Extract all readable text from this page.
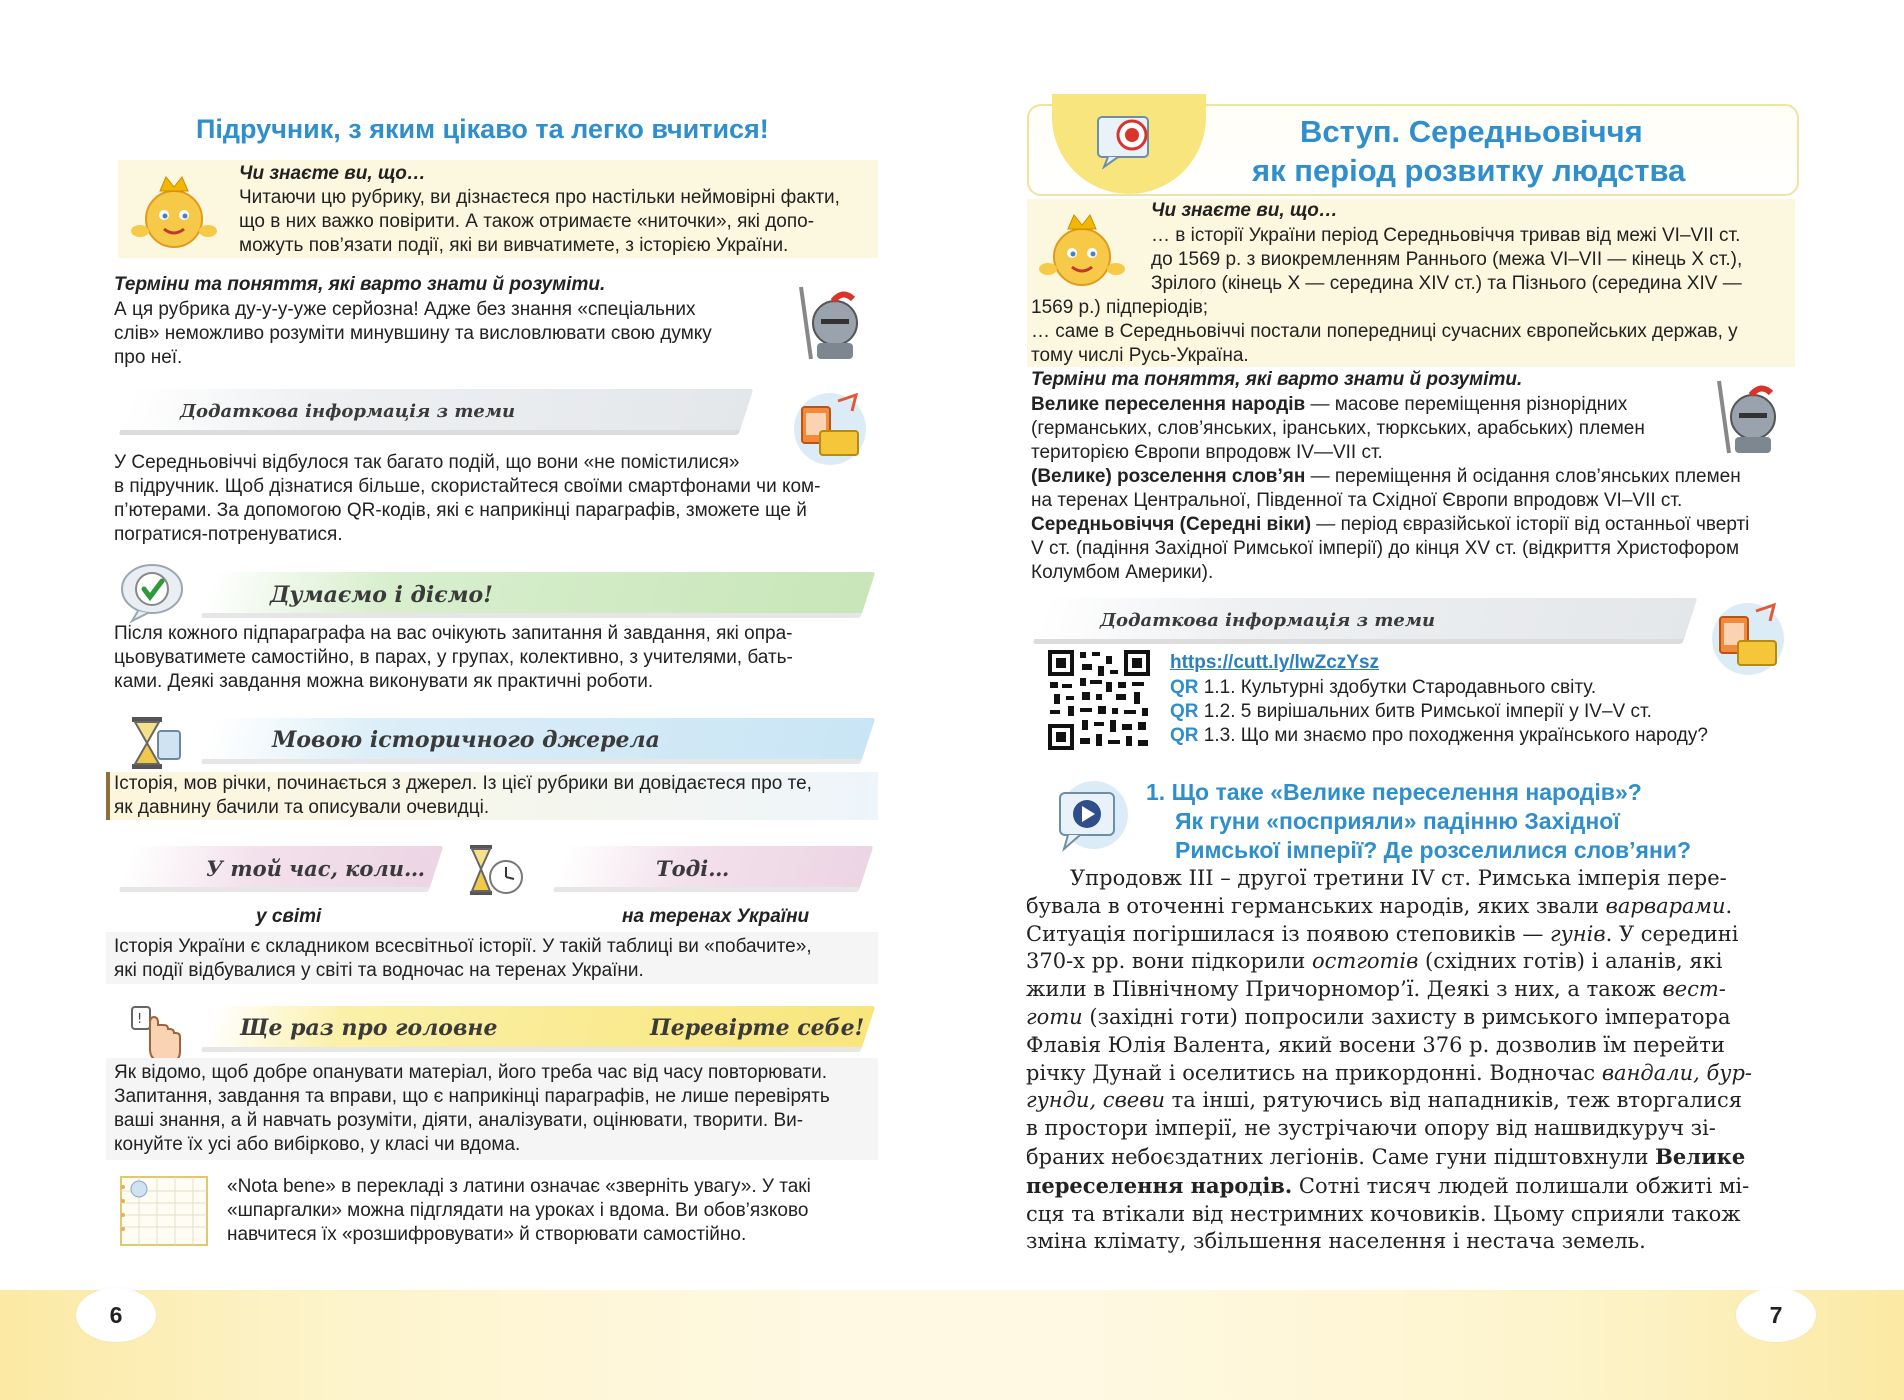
Підручник, з яким цікаво та легко вчитися!
Чи знаєте ви, що…
Читаючи цю рубрику, ви дізнаєтеся про настільки неймовірні факти,
що в них важко повірити. А також отримаєте «ниточки», які допо-
можуть пов’язати події, які ви вивчатимете, з історією України.
Терміни та поняття, які варто знати й розуміти.
А ця рубрика ду-у-у-уже серйозна! Адже без знання «спеціальних
слів» неможливо розуміти минувшину та висловлювати свою думку
про неї.
Додаткова інформація з теми
У Середньовіччі відбулося так багато подій, що вони «не помістилися»
в підручник. Щоб дізнатися більше, скористайтеся своїми смартфонами чи ком-
п’ютерами. За допомогою QR-кодів, які є наприкінці параграфів, зможете ще й
погратися-потренуватися.
Думаємо і діємо!
Після кожного підпараграфа на вас очікують запитання й завдання, які опра-
цьовуватимете самостійно, в парах, у групах, колективно, з учителями, бать-
ками. Деякі завдання можна виконувати як практичні роботи.
Мовою історичного джерела
Історія, мов річки, починається з джерел. Із цієї рубрики ви довідаєтеся про те,
як давнину бачили та описували очевидці.
У той час, коли…	Тоді…
у світі	на теренах України
Історія України є складником всесвітньої історії. У такій таблиці ви «побачите»,
які події відбувалися у світі та водночас на теренах України.
!	Ще раз про головне	Перевірте себе!
Як відомо, щоб добре опанувати матеріал, його треба час від часу повторювати.
Запитання, завдання та вправи, що є наприкінці параграфів, не лише перевірять
ваші знання, а й навчать розуміти, діяти, аналізувати, оцінювати, творити. Ви-
конуйте їх усі або вибірково, у класі чи вдома.
«Nota bene» в перекладі з латини означає «зверніть увагу». У такі
«шпаргалки» можна підглядати на уроках і вдома. Ви обов’язково
навчитеся їх «розшифровувати» й створювати самостійно.
6
Вступ. Середньовіччя
як період розвитку людства
Чи знаєте ви, що…
… в історії України період Середньовіччя тривав від межі VI–VII ст.
до 1569 р. з виокремленням Раннього (межа VI–VII — кінець X ст.),
Зрілого (кінець X — середина XIV ст.) та Пізнього (середина XIV —
1569 р.) підперіодів;
… саме в Середньовіччі постали попередниці сучасних європейських держав, у
тому числі Русь-Україна.
Терміни та поняття, які варто знати й розуміти.
Велике переселення народів — масове переміщення різнорідних
(германських, слов’янських, іранських, тюркських, арабських) племен
територією Європи впродовж IV—VII ст.
(Велике) розселення слов’ян — переміщення й осідання слов’янських племен
на теренах Центральної, Південної та Східної Європи впродовж VI–VII ст.
Середньовіччя (Середні віки) — період євразійської історії від останньої чверті
V ст. (падіння Західної Римської імперії) до кінця XV ст. (відкриття Христофором
Колумбом Америки).
Додаткова інформація з теми
https://cutt.ly/lwZczYsz
QR 1.1. Культурні здобутки Стародавнього світу.
QR 1.2. 5 вирішальних битв Римської імперії у IV–V ст.
QR 1.3. Що ми знаємо про походження українського народу?
1. Що таке «Велике переселення народів»?
Як гуни «посприяли» падінню Західної
Римської імперії? Де розселилися слов’яни?
Упродовж III – другої третини IV ст. Римська імперія пере-
бувала в оточенні германських народів, яких звали варварами.
Ситуація погіршилася із появою степовиків — гунів. У середині
370-х рр. вони підкорили остготів (східних готів) і аланів, які
жили в Північному Причорномор’ї. Деякі з них, а також вест-
готи (західні готи) попросили захисту в римського імператора
Флавія Юлія Валента, який восени 376 р. дозволив їм перейти
річку Дунай і оселитись на прикордонні. Водночас вандали, бур-
гунди, свеви та інші, рятуючись від нападників, теж вторгалися
в простори імперії, не зустрічаючи опору від нашвидкуруч зі-
браних небоєздатних легіонів. Саме гуни підштовхнули Велике
переселення народів. Сотні тисяч людей полишали обжиті мі-
сця та втікали від нестримних кочовиків. Цьому сприяли також
зміна клімату, збільшення населення і нестача земель.
7
